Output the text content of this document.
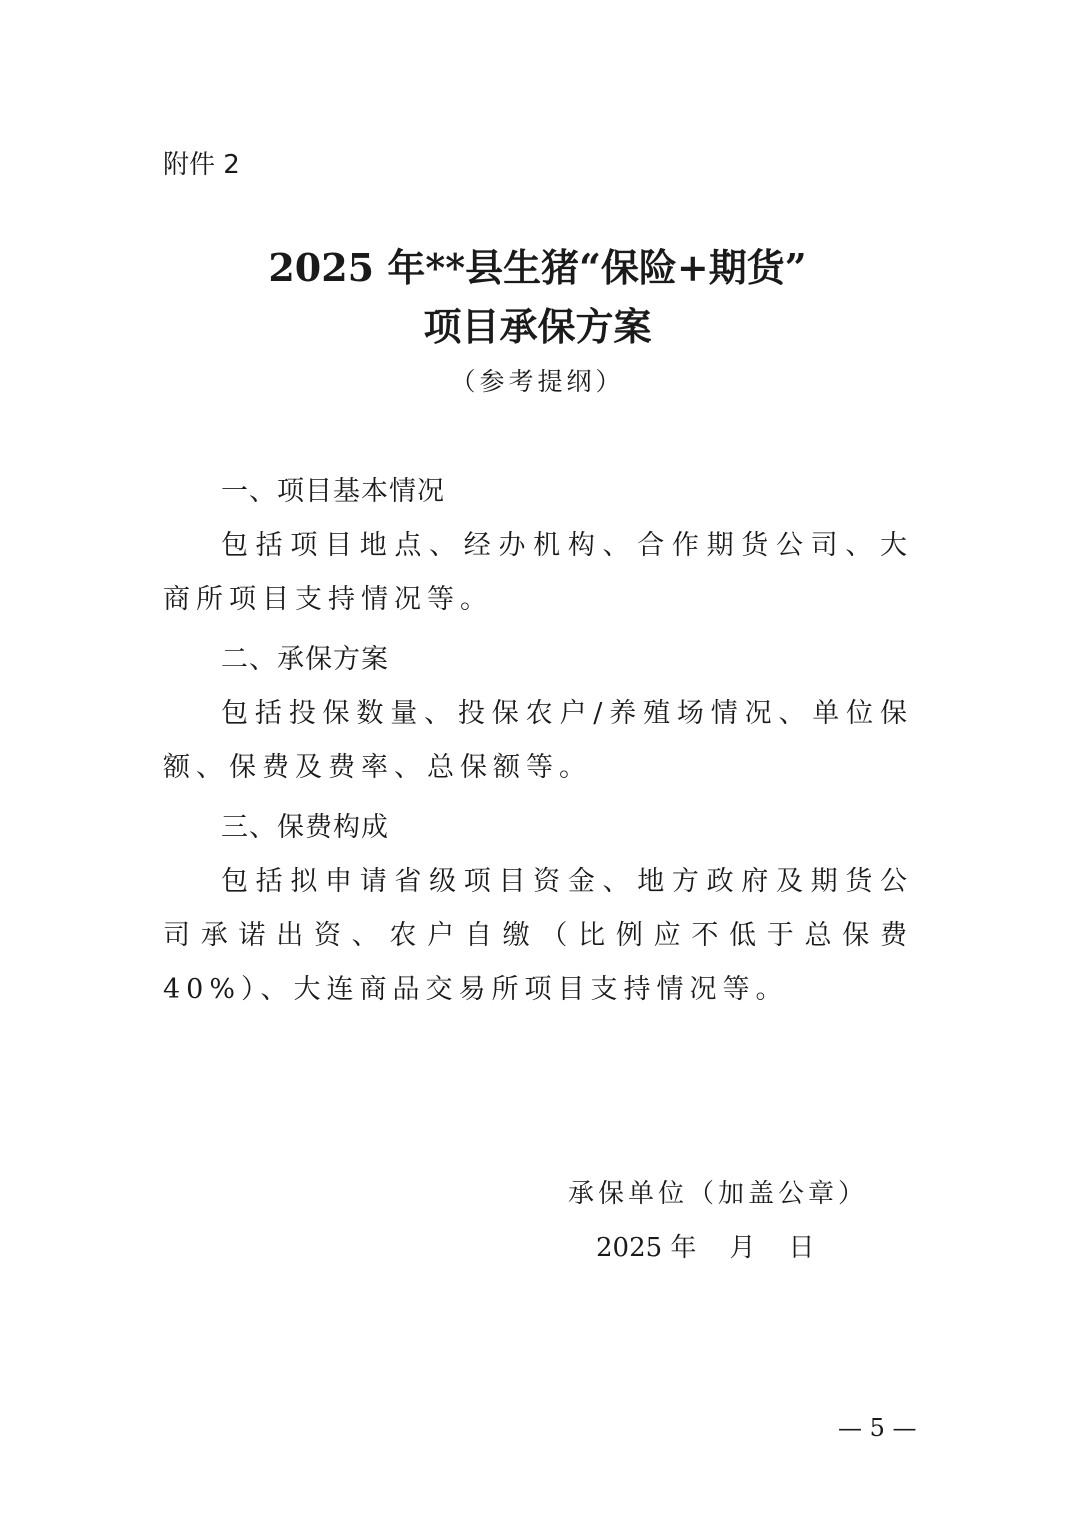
附件 2
2025 年**县生猪“保险+期货”
项目承保方案
（参考提纲）
一、项目基本情况

包括项目地点、经办机构、合作期货公司、大商所项目支持情况等。

二、承保方案

包括投保数量、投保农户/养殖场情况、单位保额、保费及费率、总保额等。

三、保费构成

包括拟申请省级项目资金、地方政府及期货公司承诺出资、农户自缴（比例应不低于总保费 40%）、大连商品交易所项目支持情况等。

承保单位（加盖公章）
2025 年    月    日
— 5 —
